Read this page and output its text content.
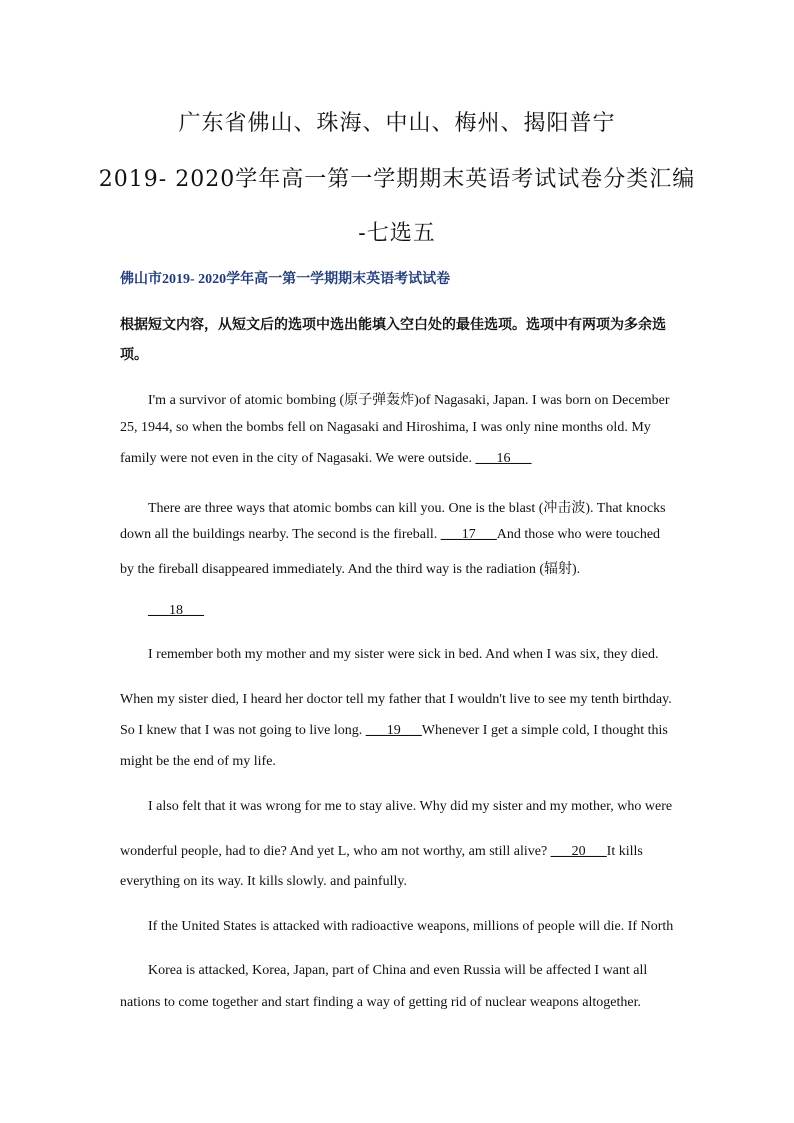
广东省佛山、珠海、中山、梅州、揭阳普宁
2019- 2020学年高一第一学期期末英语考试试卷分类汇编
-七选五
佛山市2019- 2020学年高一第一学期期末英语考试试卷
根据短文内容，从短文后的选项中选出能填入空白处的最佳选项。选项中有两项为多余选
项。
I'm a survivor of atomic bombing (原子弹轰炸)of Nagasaki, Japan. I was born on December
25, 1944, so when the bombs fell on Nagasaki and Hiroshima, I was only nine months old. My
family were not even in the city of Nagasaki. We were outside. ___16___
There are three ways that atomic bombs can kill you. One is the blast (冲击波). That knocks
down all the buildings nearby. The second is the fireball. ___17___And those who were touched
by the fireball disappeared immediately. And the third way is the radiation (辐射).
___18___
I remember both my mother and my sister were sick in bed. And when I was six, they died.
When my sister died, I heard her doctor tell my father that I wouldn't live to see my tenth birthday.
So I knew that I was not going to live long. ___19___Whenever I get a simple cold, I thought this
might be the end of my life.
I also felt that it was wrong for me to stay alive. Why did my sister and my mother, who were
wonderful people, had to die? And yet L, who am not worthy, am still alive? ___20___It kills
everything on its way. It kills slowly. and painfully.
If the United States is attacked with radioactive weapons, millions of people will die. If North
Korea is attacked, Korea, Japan, part of China and even Russia will be affected I want all
nations to come together and start finding a way of getting rid of nuclear weapons altogether.
